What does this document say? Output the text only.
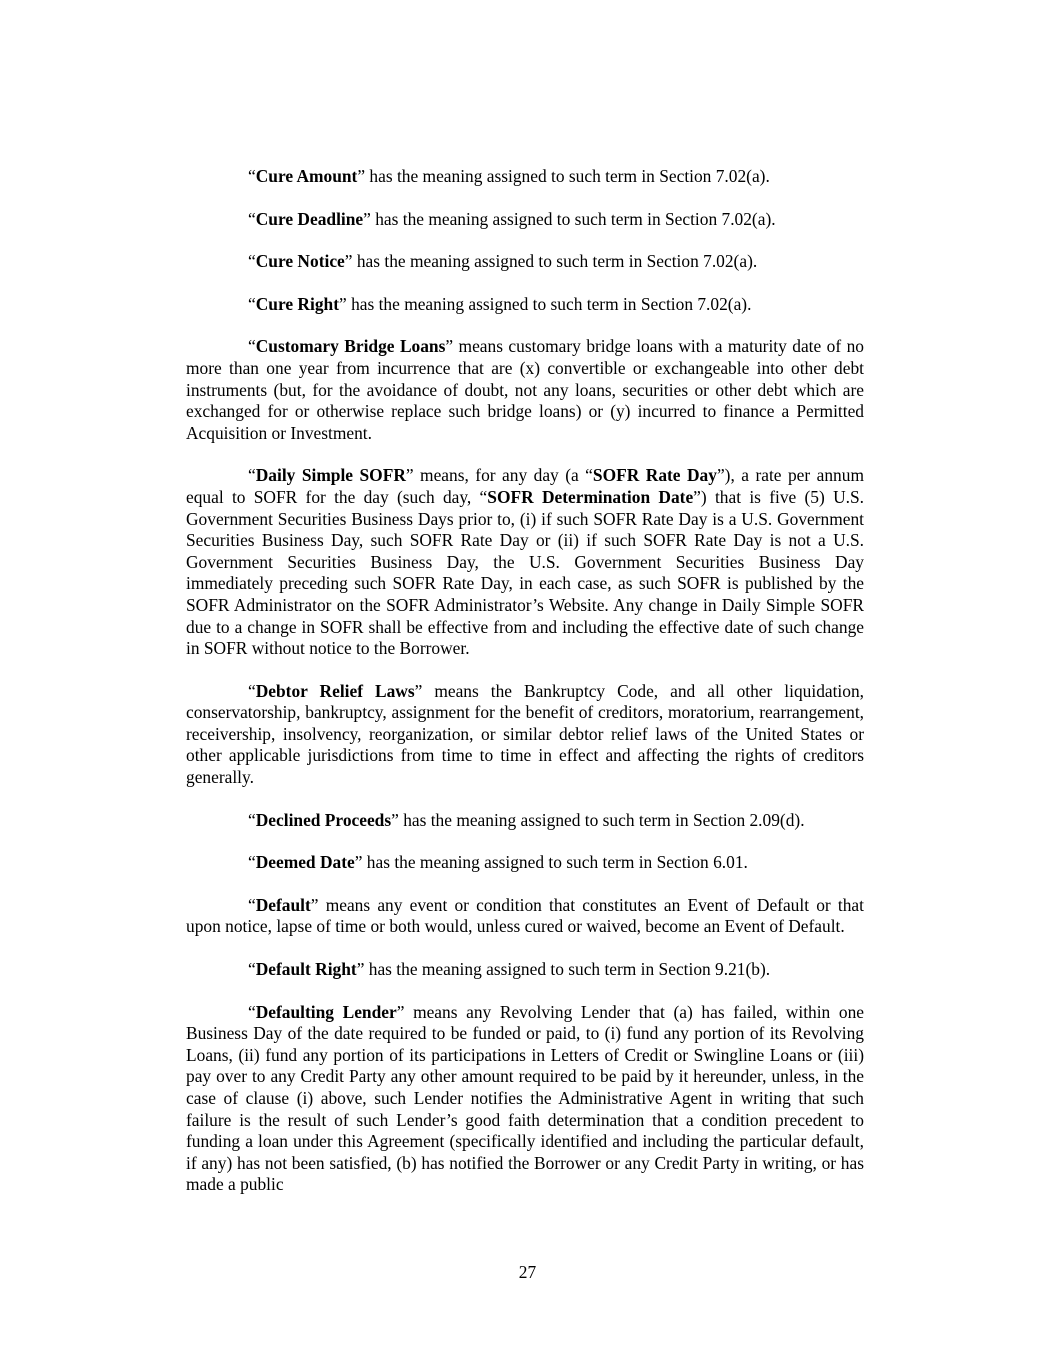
“Cure Amount” has the meaning assigned to such term in Section 7.02(a).

“Cure Deadline” has the meaning assigned to such term in Section 7.02(a).

“Cure Notice” has the meaning assigned to such term in Section 7.02(a).

“Cure Right” has the meaning assigned to such term in Section 7.02(a).

“Customary Bridge Loans” means customary bridge loans with a maturity date of no more than one year from incurrence that are (x) convertible or exchangeable into other debt instruments (but, for the avoidance of doubt, not any loans, securities or other debt which are exchanged for or otherwise replace such bridge loans) or (y) incurred to finance a Permitted Acquisition or Investment.

“Daily Simple SOFR” means, for any day (a “SOFR Rate Day”), a rate per annum equal to SOFR for the day (such day, “SOFR Determination Date”) that is five (5) U.S. Government Securities Business Days prior to, (i) if such SOFR Rate Day is a U.S. Government Securities Business Day, such SOFR Rate Day or (ii) if such SOFR Rate Day is not a U.S. Government Securities Business Day, the U.S. Government Securities Business Day immediately preceding such SOFR Rate Day, in each case, as such SOFR is published by the SOFR Administrator on the SOFR Administrator’s Website. Any change in Daily Simple SOFR due to a change in SOFR shall be effective from and including the effective date of such change in SOFR without notice to the Borrower.

“Debtor Relief Laws” means the Bankruptcy Code, and all other liquidation, conservatorship, bankruptcy, assignment for the benefit of creditors, moratorium, rearrangement, receivership, insolvency, reorganization, or similar debtor relief laws of the United States or other applicable jurisdictions from time to time in effect and affecting the rights of creditors generally.

“Declined Proceeds” has the meaning assigned to such term in Section 2.09(d).

“Deemed Date” has the meaning assigned to such term in Section 6.01.

“Default” means any event or condition that constitutes an Event of Default or that upon notice, lapse of time or both would, unless cured or waived, become an Event of Default.

“Default Right” has the meaning assigned to such term in Section 9.21(b).

“Defaulting Lender” means any Revolving Lender that (a) has failed, within one Business Day of the date required to be funded or paid, to (i) fund any portion of its Revolving Loans, (ii) fund any portion of its participations in Letters of Credit or Swingline Loans or (iii) pay over to any Credit Party any other amount required to be paid by it hereunder, unless, in the case of clause (i) above, such Lender notifies the Administrative Agent in writing that such failure is the result of such Lender’s good faith determination that a condition precedent to funding a loan under this Agreement (specifically identified and including the particular default, if any) has not been satisfied, (b) has notified the Borrower or any Credit Party in writing, or has made a public

27
